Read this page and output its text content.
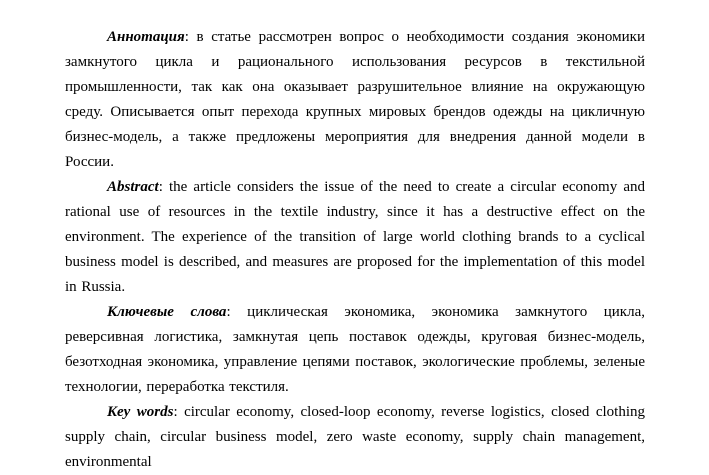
Аннотация: в статье рассмотрен вопрос о необходимости создания экономики замкнутого цикла и рационального использования ресурсов в текстильной промышленности, так как она оказывает разрушительное влияние на окружающую среду. Описывается опыт перехода крупных мировых брендов одежды на цикличную бизнес-модель, а также предложены мероприятия для внедрения данной модели в России.

Abstract: the article considers the issue of the need to create a circular economy and rational use of resources in the textile industry, since it has a destructive effect on the environment. The experience of the transition of large world clothing brands to a cyclical business model is described, and measures are proposed for the implementation of this model in Russia.

Ключевые слова: циклическая экономика, экономика замкнутого цикла, реверсивная логистика, замкнутая цепь поставок одежды, круговая бизнес-модель, безотходная экономика, управление цепями поставок, экологические проблемы, зеленые технологии, переработка текстиля.

Key words: circular economy, closed-loop economy, reverse logistics, closed clothing supply chain, circular business model, zero waste economy, supply chain management, environmental
